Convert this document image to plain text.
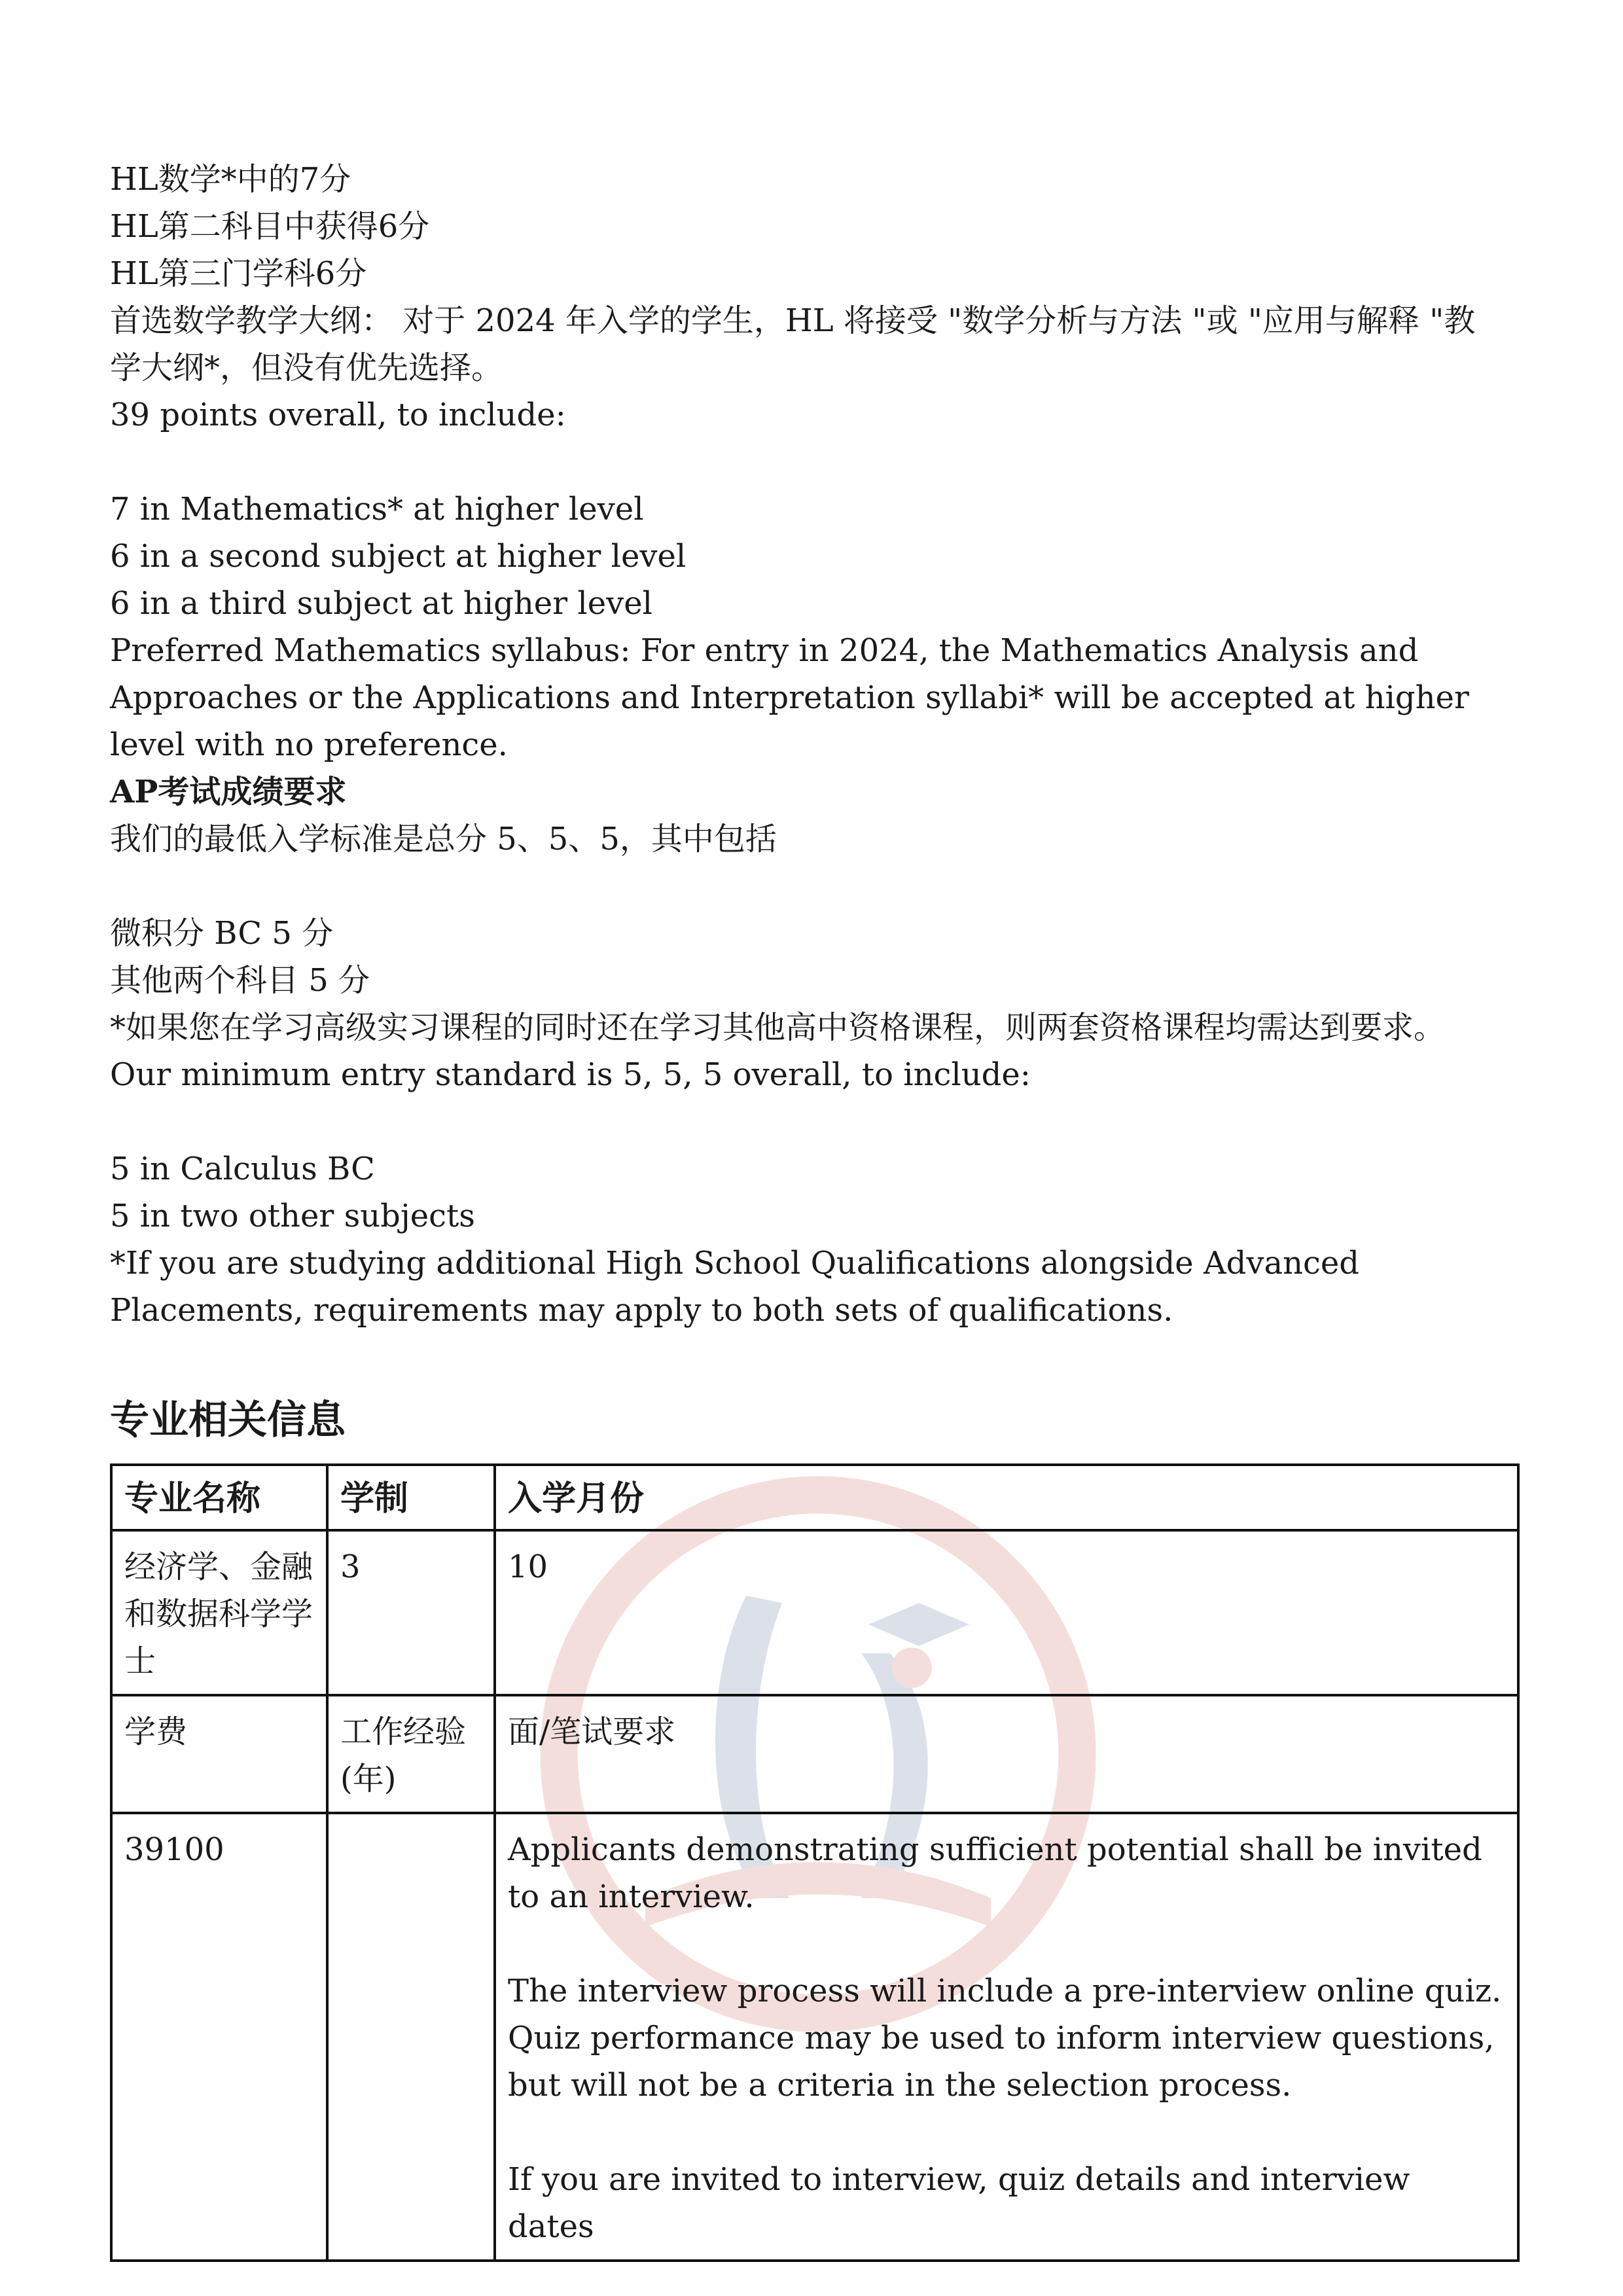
HL数学*中的7分

HL第二科目中获得6分

HL第三门学科6分

首选数学教学大纲： 对于 2024 年入学的学生，HL 将接受 "数学分析与方法 "或 "应用与解释 "教

学大纲*，但没有优先选择。

39 points overall, to include:

7 in Mathematics* at higher level

6 in a second subject at higher level

6 in a third subject at higher level

Preferred Mathematics syllabus: For entry in 2024, the Mathematics Analysis and

Approaches or the Applications and Interpretation syllabi* will be accepted at higher

level with no preference.

AP考试成绩要求

我们的最低入学标准是总分 5、5、5，其中包括

微积分 BC 5 分

其他两个科目 5 分

*如果您在学习高级实习课程的同时还在学习其他高中资格课程，则两套资格课程均需达到要求。

Our minimum entry standard is 5, 5, 5 overall, to include:

5 in Calculus BC

5 in two other subjects

*If you are studying additional High School Qualifications alongside Advanced

Placements, requirements may apply to both sets of qualifications.

专业相关信息
专业名称	学制	入学月份
经济学、金融和数据科学学士	3	10
学费	工作经验(年)	面/笔试要求
39100		Applicants demonstrating sufficient potential shall be invited to an interview.

The interview process will include a pre-interview online quiz. Quiz performance may be used to inform interview questions, but will not be a criteria in the selection process.

If you are invited to interview, quiz details and interview dates
